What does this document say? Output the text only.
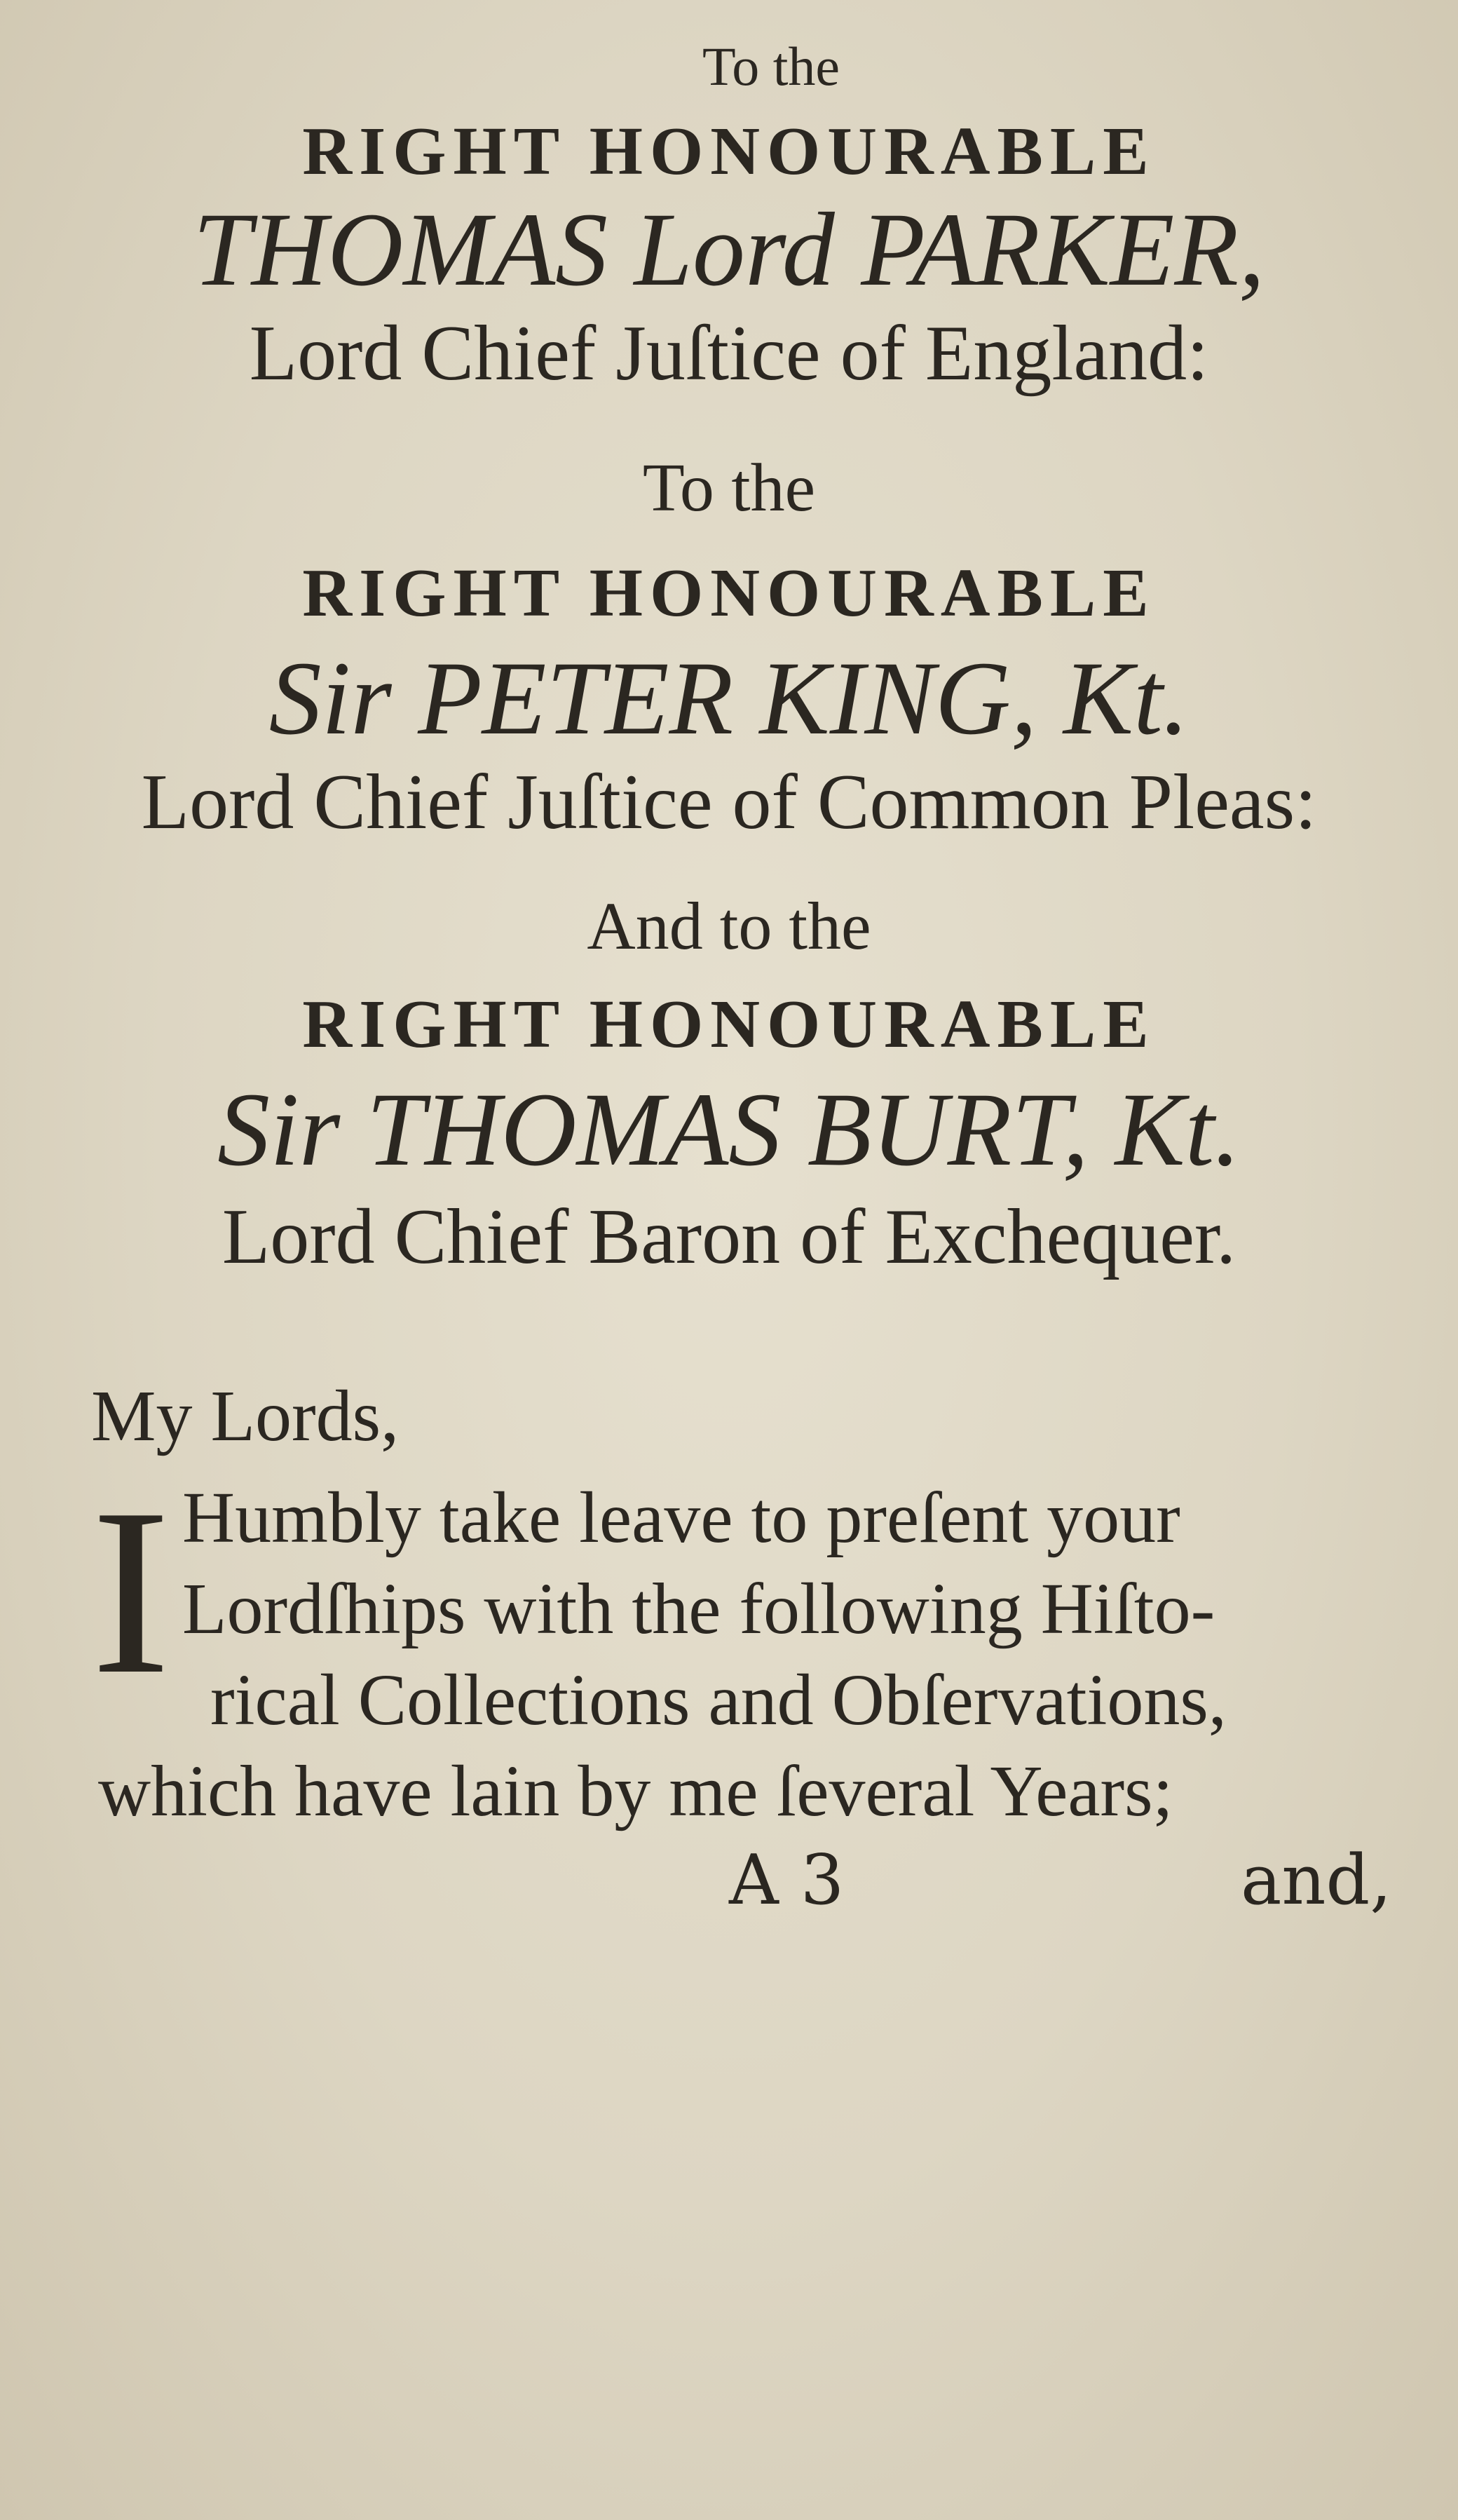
To the
RIGHT HONOURABLE
THOMAS Lord PARKER,
Lord Chief Juſtice of England:
To the
RIGHT HONOURABLE
Sir PETER KING, Kt.
Lord Chief Juſtice of Common Pleas:
And to the
RIGHT HONOURABLE
Sir THOMAS BURT, Kt.
Lord Chief Baron of Exchequer.
My Lords,
I Humbly take leave to preſent your
Lordſhips with the following Hiſto-
rical Collections and Obſervations,
which have lain by me ſeveral Years;
A 3	and,
